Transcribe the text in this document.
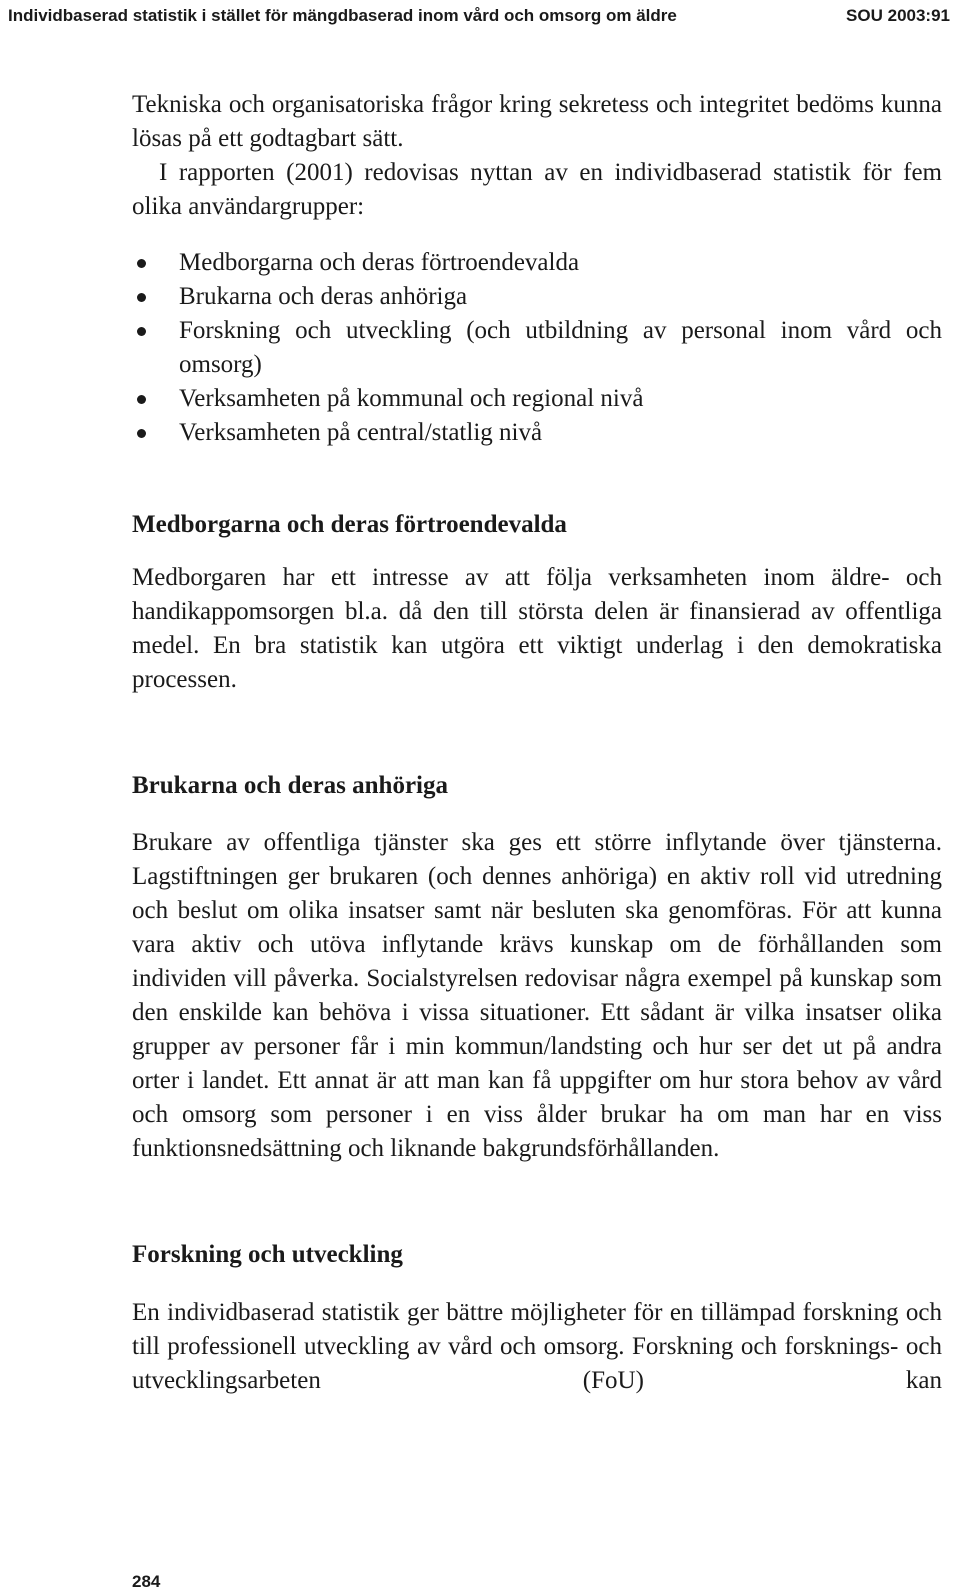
Individbaserad statistik i stället för mängdbaserad inom vård och omsorg om äldre	SOU 2003:91

Tekniska och organisatoriska frågor kring sekretess och integritet bedöms kunna lösas på ett godtagbart sätt.

I rapporten (2001) redovisas nyttan av en individbaserad statistik för fem olika användargrupper:

Medborgarna och deras förtroendevalda
Brukarna och deras anhöriga
Forskning och utveckling (och utbildning av personal inom vård och omsorg)
Verksamheten på kommunal och regional nivå
Verksamheten på central/statlig nivå
Medborgarna och deras förtroendevalda

Medborgaren har ett intresse av att följa verksamheten inom äldre- och handikappomsorgen bl.a. då den till största delen är finansierad av offentliga medel. En bra statistik kan utgöra ett viktigt underlag i den demokratiska processen.

Brukarna och deras anhöriga

Brukare av offentliga tjänster ska ges ett större inflytande över tjänsterna. Lagstiftningen ger brukaren (och dennes anhöriga) en aktiv roll vid utredning och beslut om olika insatser samt när besluten ska genomföras. För att kunna vara aktiv och utöva inflytande krävs kunskap om de förhållanden som individen vill påverka. Socialstyrelsen redovisar några exempel på kunskap som den enskilde kan behöva i vissa situationer. Ett sådant är vilka insatser olika grupper av personer får i min kommun/landsting och hur ser det ut på andra orter i landet. Ett annat är att man kan få uppgifter om hur stora behov av vård och omsorg som personer i en viss ålder brukar ha om man har en viss funktionsnedsättning och liknande bakgrundsförhållanden.

Forskning och utveckling

En individbaserad statistik ger bättre möjligheter för en tillämpad forskning och till professionell utveckling av vård och omsorg. Forskning och forsknings- och utvecklingsarbeten (FoU) kan

284
